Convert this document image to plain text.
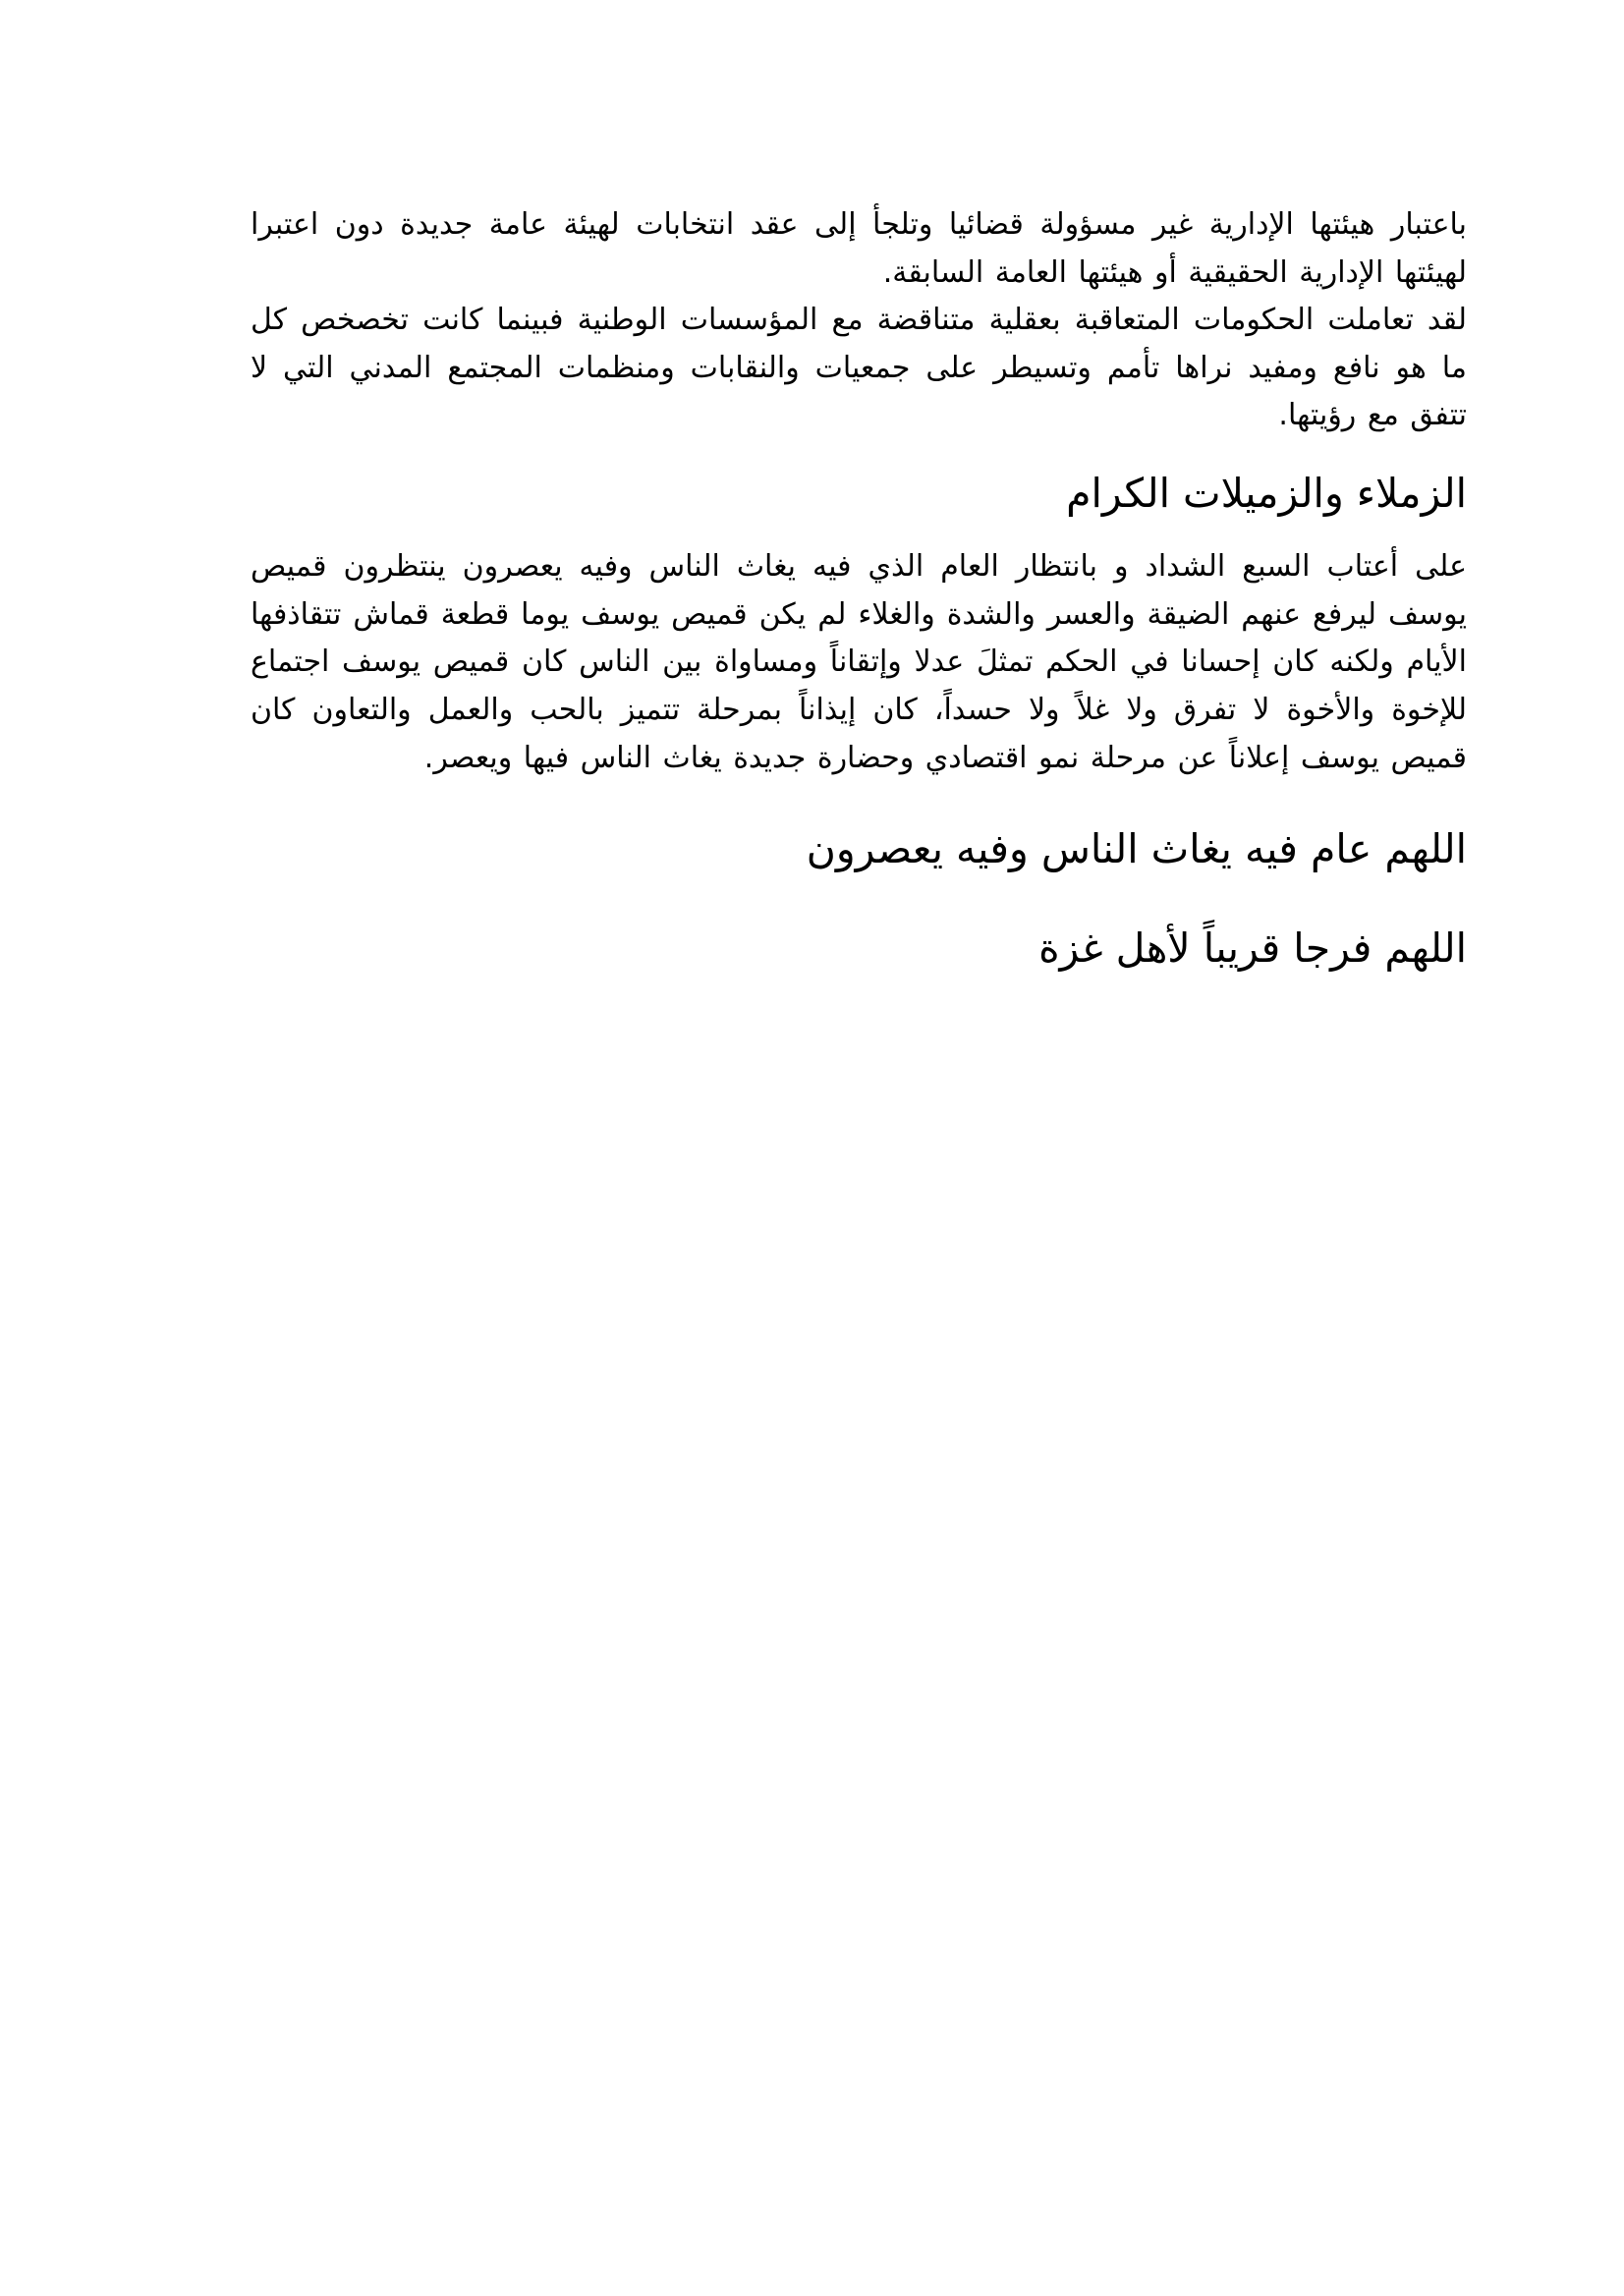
باعتبار هيئتها الإدارية غير مسؤولة قضائيا وتلجأ إلى عقد انتخابات لهيئة عامة جديدة دون اعتبرا لهيئتها الإدارية الحقيقية أو هيئتها العامة السابقة.

لقد تعاملت الحكومات المتعاقبة بعقلية متناقضة مع المؤسسات الوطنية فبينما كانت تخصخص كل ما هو نافع ومفيد نراها تأمم وتسيطر على جمعيات والنقابات ومنظمات المجتمع المدني التي لا تتفق مع رؤيتها.

الزملاء والزميلات الكرام

على أعتاب السبع الشداد و بانتظار العام الذي فيه يغاث الناس وفيه يعصرون ينتظرون قميص يوسف ليرفع عنهم الضيقة والعسر والشدة والغلاء لم يكن قميص يوسف يوما قطعة قماش تتقاذفها الأيام ولكنه كان إحسانا في الحكم تمثلَ عدلا وإتقاناً ومساواة بين الناس كان قميص يوسف اجتماع للإخوة والأخوة لا تفرق ولا غلاً ولا حسداً، كان إيذاناً بمرحلة تتميز بالحب والعمل والتعاون كان قميص يوسف إعلاناً عن مرحلة نمو اقتصادي وحضارة جديدة يغاث الناس فيها ويعصر.

اللهم عام فيه يغاث الناس وفيه يعصرون

اللهم فرجا قريباً لأهل غزة
